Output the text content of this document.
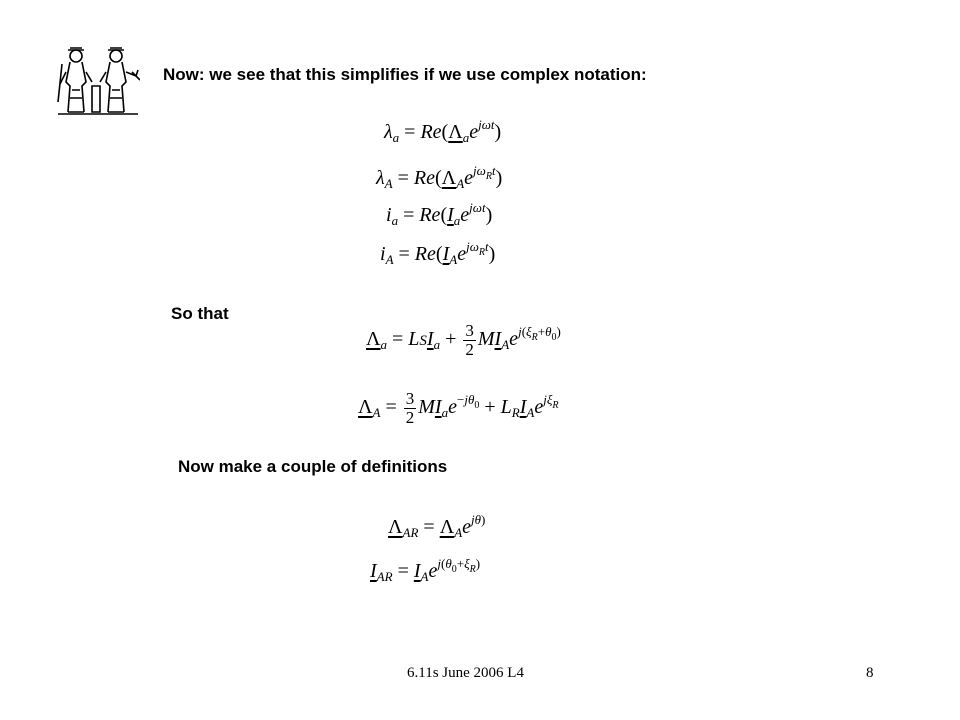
Now: we see that this simplifies if we use complex notation:
$\lambda_a = Re(\Lambda_ae^{j\omega t})$
$\lambda_A = Re(\Lambda_Ae^{j\omega_Rt})$
$i_a = Re(I_ae^{j\omega t})$
$i_A = Re(I_Ae^{j\omega_Rt})$
So that
$\Lambda_a = LSI_a + \frac{3}{2} MI_Ae^{j(\xi_R+\theta_0)}$
$\Lambda_A = \frac{3}{2} MI_ae^{-j\theta_0} + L_RI_Ae^{j\xi_R}$
Now make a couple of definitions
$\Lambda_{AR} = \Lambda_Ae^{j\theta)}$
$I_{AR} = I_Ae^{j(\theta_0+\xi_R)}$
6.11s June 2006 L4	8
